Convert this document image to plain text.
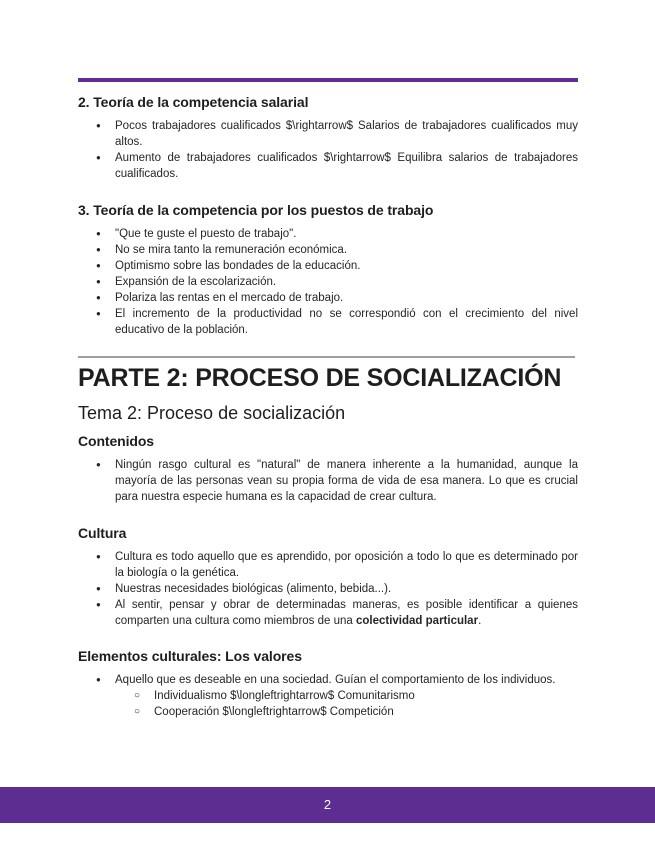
2. Teoría de la competencia salarial
● Pocos trabajadores cualificados $\rightarrow$ Salarios de trabajadores cualificados muy altos.
● Aumento de trabajadores cualificados $\rightarrow$ Equilibra salarios de trabajadores cualificados.
3. Teoría de la competencia por los puestos de trabajo
● "Que te guste el puesto de trabajo".
● No se mira tanto la remuneración económica.
● Optimismo sobre las bondades de la educación.
● Expansión de la escolarización.
● Polariza las rentas en el mercado de trabajo.
● El incremento de la productividad no se correspondió con el crecimiento del nivel educativo de la población.
PARTE 2: PROCESO DE SOCIALIZACIÓN
Tema 2: Proceso de socialización
Contenidos
● Ningún rasgo cultural es "natural" de manera inherente a la humanidad, aunque la mayoría de las personas vean su propia forma de vida de esa manera. Lo que es crucial para nuestra especie humana es la capacidad de crear cultura.
Cultura
● Cultura es todo aquello que es aprendido, por oposición a todo lo que es determinado por la biología o la genética.
● Nuestras necesidades biológicas (alimento, bebida...).
● Al sentir, pensar y obrar de determinadas maneras, es posible identificar a quienes comparten una cultura como miembros de una colectividad particular.
Elementos culturales: Los valores
● Aquello que es deseable en una sociedad. Guían el comportamiento de los individuos.
○ Individualismo $\longleftrightarrow$ Comunitarismo
○ Cooperación $\longleftrightarrow$ Competición
2
